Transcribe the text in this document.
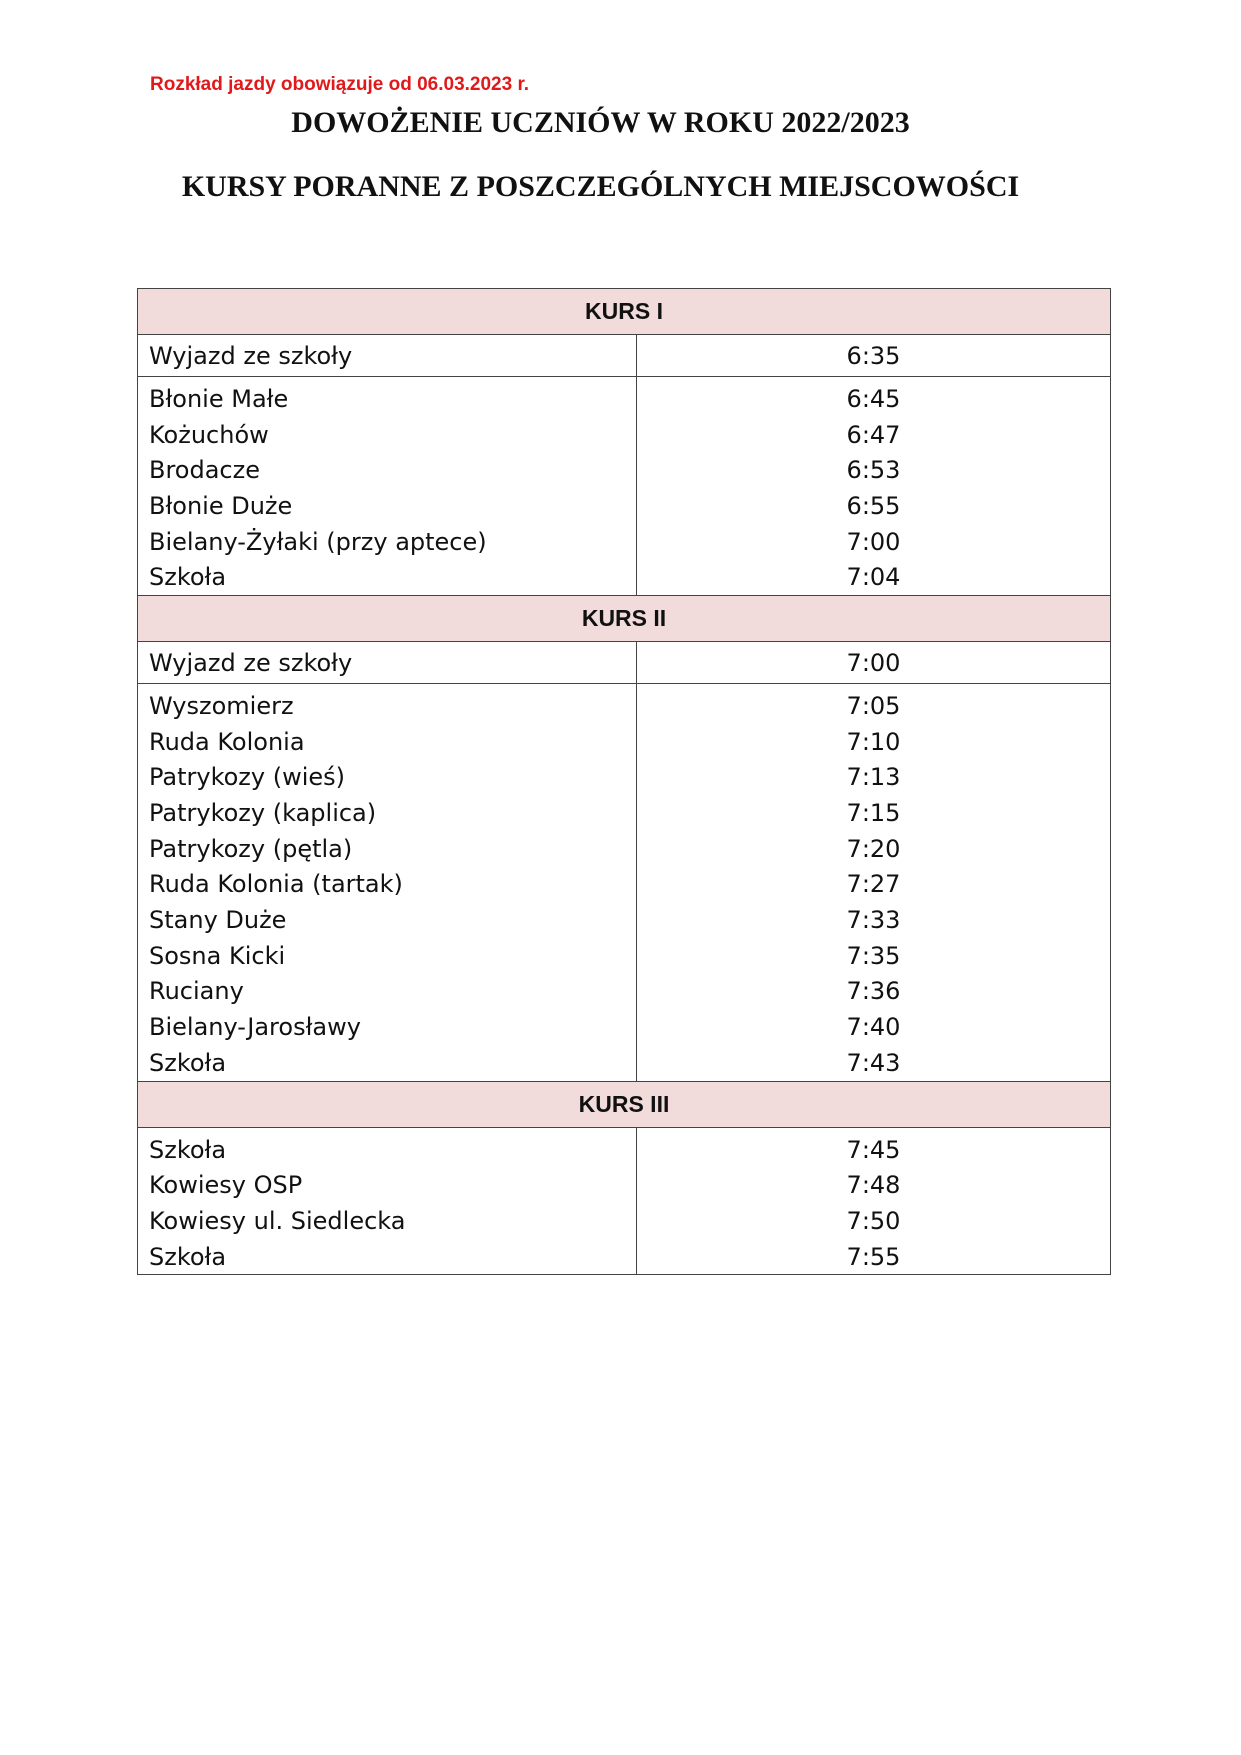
Rozkład jazdy obowiązuje od 06.03.2023 r.

DOWOŻENIE UCZNIÓW W ROKU 2022/2023
KURSY PORANNE Z POSZCZEGÓLNYCH MIEJSCOWOŚCI
KURS I	
Wyjazd ze szkoły	6:35
Błonie Małe	6:45
Kożuchów	6:47
Brodacze	6:53
Błonie Duże	6:55
Bielany-Żyłaki (przy aptece)	7:00
Szkoła	7:04
KURS II	
Wyjazd ze szkoły	7:00
Wyszomierz	7:05
Ruda Kolonia	7:10
Patrykozy (wieś)	7:13
Patrykozy (kaplica)	7:15
Patrykozy (pętla)	7:20
Ruda Kolonia (tartak)	7:27
Stany Duże	7:33
Sosna Kicki	7:35
Ruciany	7:36
Bielany-Jarosławy	7:40
Szkoła	7:43
KURS III	
Szkoła	7:45
Kowiesy OSP	7:48
Kowiesy ul. Siedlecka	7:50
Szkoła	7:55
